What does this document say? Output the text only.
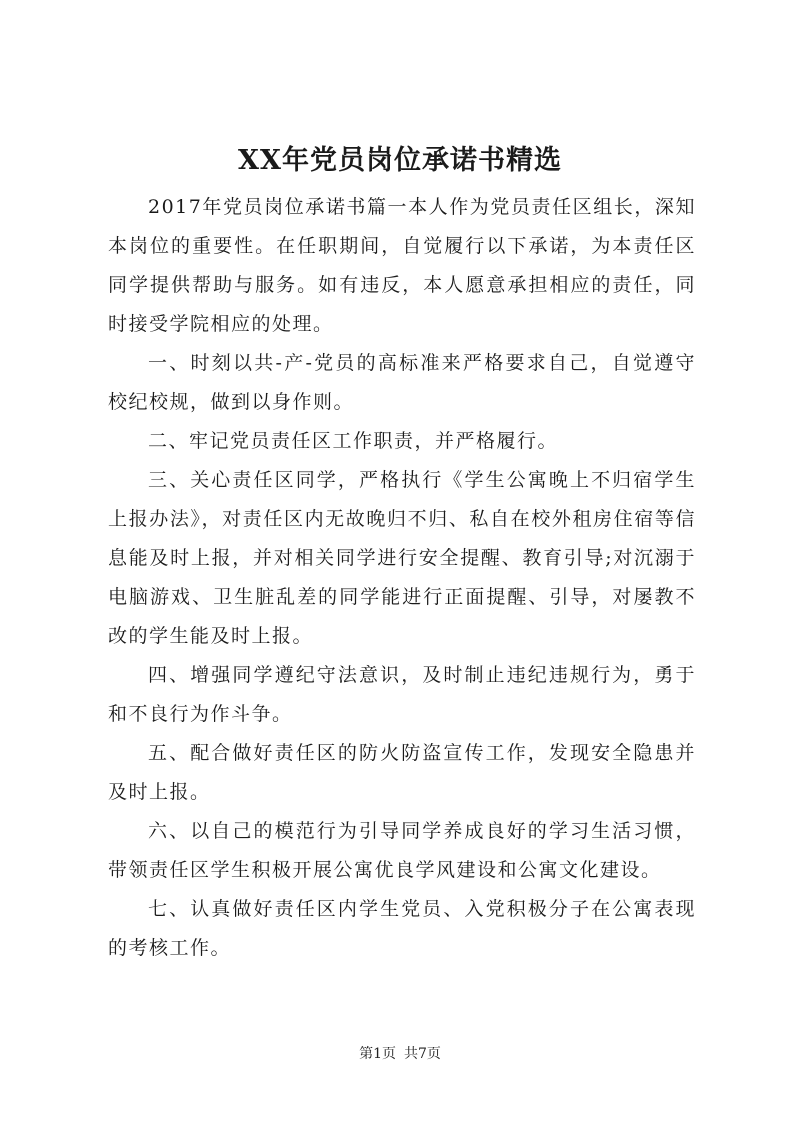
XX年党员岗位承诺书精选

2017年党员岗位承诺书篇一本人作为党员责任区组长，深知本岗位的重要性。在任职期间，自觉履行以下承诺，为本责任区同学提供帮助与服务。如有违反，本人愿意承担相应的责任，同时接受学院相应的处理。

一、时刻以共-产-党员的高标准来严格要求自己，自觉遵守校纪校规，做到以身作则。

二、牢记党员责任区工作职责，并严格履行。

三、关心责任区同学，严格执行《学生公寓晚上不归宿学生上报办法》，对责任区内无故晚归不归、私自在校外租房住宿等信息能及时上报，并对相关同学进行安全提醒、教育引导;对沉溺于电脑游戏、卫生脏乱差的同学能进行正面提醒、引导，对屡教不改的学生能及时上报。

四、增强同学遵纪守法意识，及时制止违纪违规行为，勇于和不良行为作斗争。

五、配合做好责任区的防火防盗宣传工作，发现安全隐患并及时上报。

六、以自己的模范行为引导同学养成良好的学习生活习惯，带领责任区学生积极开展公寓优良学风建设和公寓文化建设。

七、认真做好责任区内学生党员、入党积极分子在公寓表现的考核工作。

第1页 共7页
